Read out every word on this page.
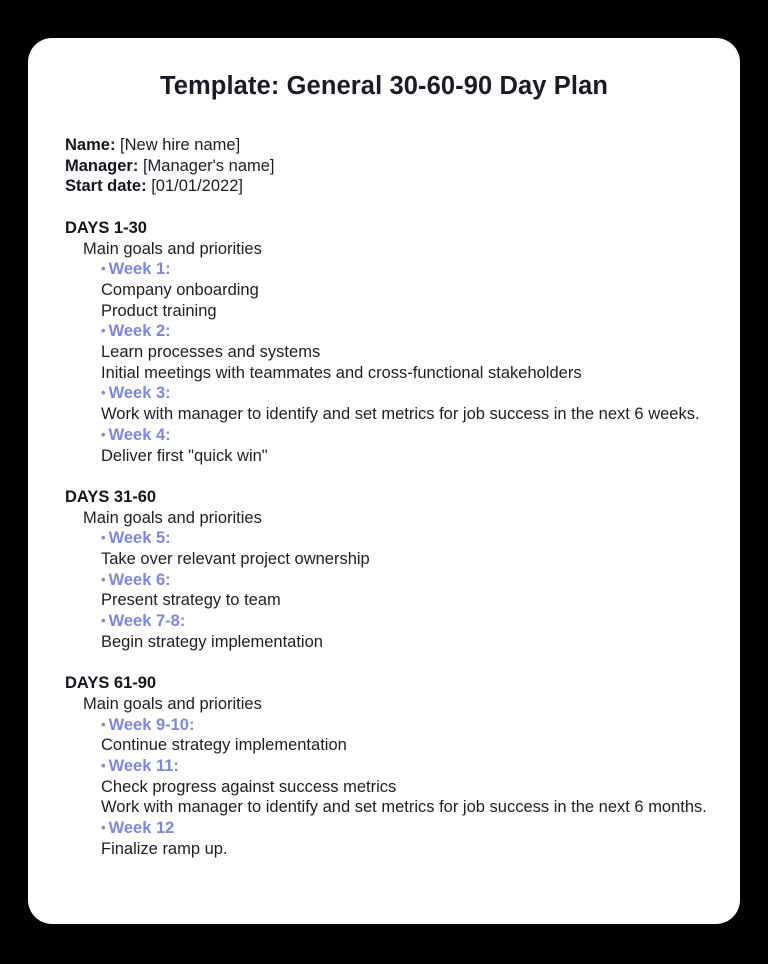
Template: General 30-60-90 Day Plan
Name: [New hire name]
Manager: [Manager's name]
Start date: [01/01/2022]
DAYS 1-30
Main goals and priorities
• Week 1:
Company onboarding
Product training
• Week 2:
Learn processes and systems
Initial meetings with teammates and cross-functional stakeholders
• Week 3:
Work with manager to identify and set metrics for job success in the next 6 weeks.
• Week 4:
Deliver first "quick win"
DAYS 31-60
Main goals and priorities
• Week 5:
Take over relevant project ownership
• Week 6:
Present strategy to team
• Week 7-8:
Begin strategy implementation
DAYS 61-90
Main goals and priorities
• Week 9-10:
Continue strategy implementation
• Week 11:
Check progress against success metrics
Work with manager to identify and set metrics for job success in the next 6 months.
• Week 12
Finalize ramp up.
